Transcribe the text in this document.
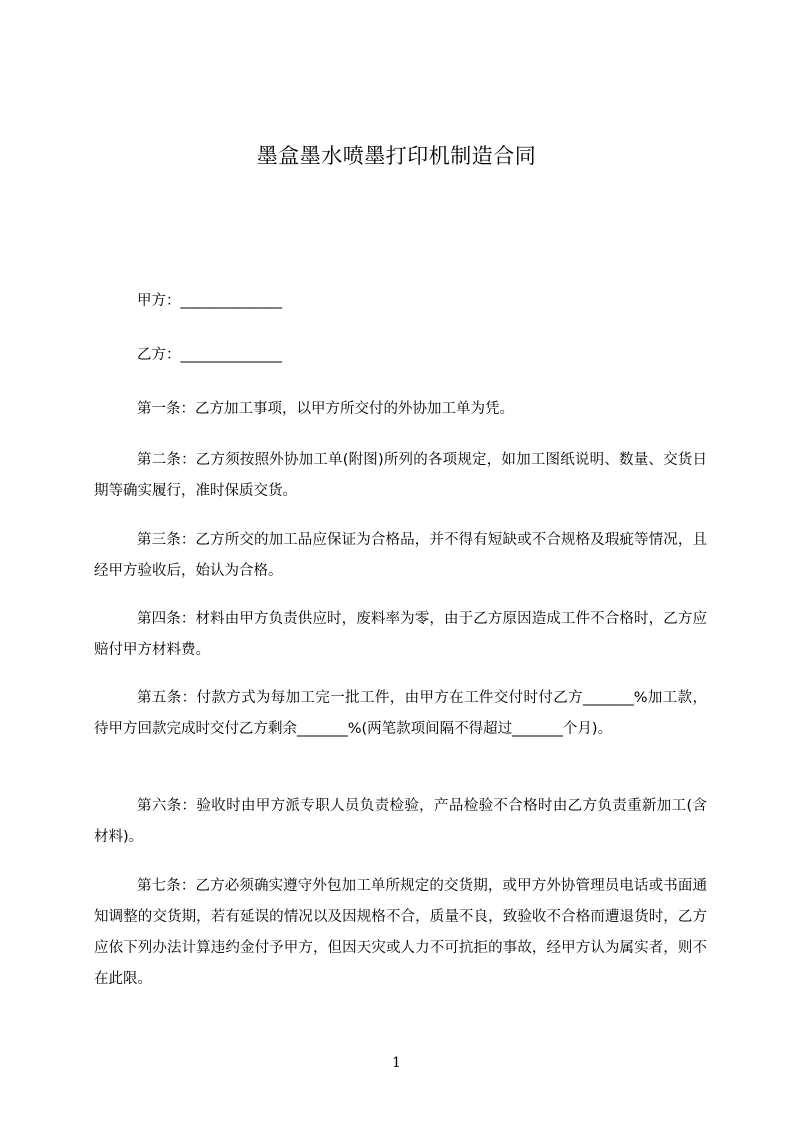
墨盒墨水喷墨打印机制造合同
甲方：______________
乙方：______________
第一条：乙方加工事项，以甲方所交付的外协加工单为凭。
第二条：乙方须按照外协加工单(附图)所列的各项规定，如加工图纸说明、数量、交货日期等确实履行，准时保质交货。
第三条：乙方所交的加工品应保证为合格品，并不得有短缺或不合规格及瑕疵等情况，且经甲方验收后，始认为合格。
第四条：材料由甲方负责供应时，废料率为零，由于乙方原因造成工件不合格时，乙方应赔付甲方材料费。
第五条：付款方式为每加工完一批工件，由甲方在工件交付时付乙方_______%加工款，待甲方回款完成时交付乙方剩余_______%(两笔款项间隔不得超过_______个月)。
第六条：验收时由甲方派专职人员负责检验，产品检验不合格时由乙方负责重新加工(含材料)。
第七条：乙方必须确实遵守外包加工单所规定的交货期，或甲方外协管理员电话或书面通知调整的交货期，若有延误的情况以及因规格不合，质量不良，致验收不合格而遭退货时，乙方应依下列办法计算违约金付予甲方，但因天灾或人力不可抗拒的事故，经甲方认为属实者，则不在此限。
1
